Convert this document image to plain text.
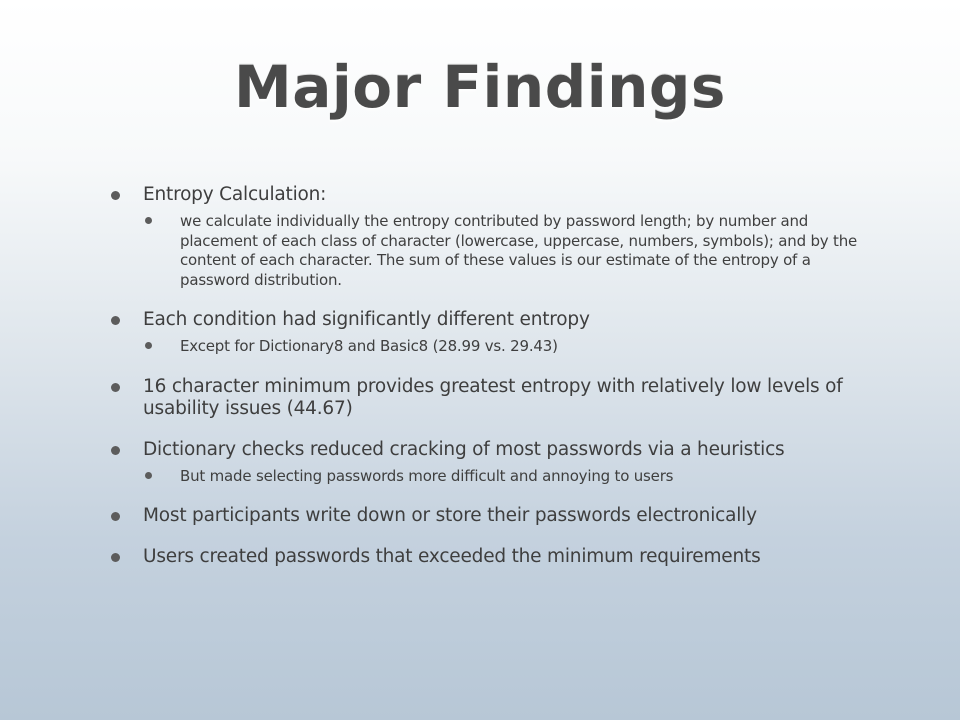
Major Findings
Entropy Calculation:
we calculate individually the entropy contributed by password length; by number and placement of each class of character (lowercase, uppercase, numbers, symbols); and by the content of each character. The sum of these values is our estimate of the entropy of a password distribution.
Each condition had significantly different entropy
Except for Dictionary8 and Basic8 (28.99 vs. 29.43)
16 character minimum provides greatest entropy with relatively low levels of usability issues (44.67)
Dictionary checks reduced cracking of most passwords via a heuristics
But made selecting passwords more difficult and annoying to users
Most participants write down or store their passwords electronically
Users created passwords that exceeded the minimum requirements
